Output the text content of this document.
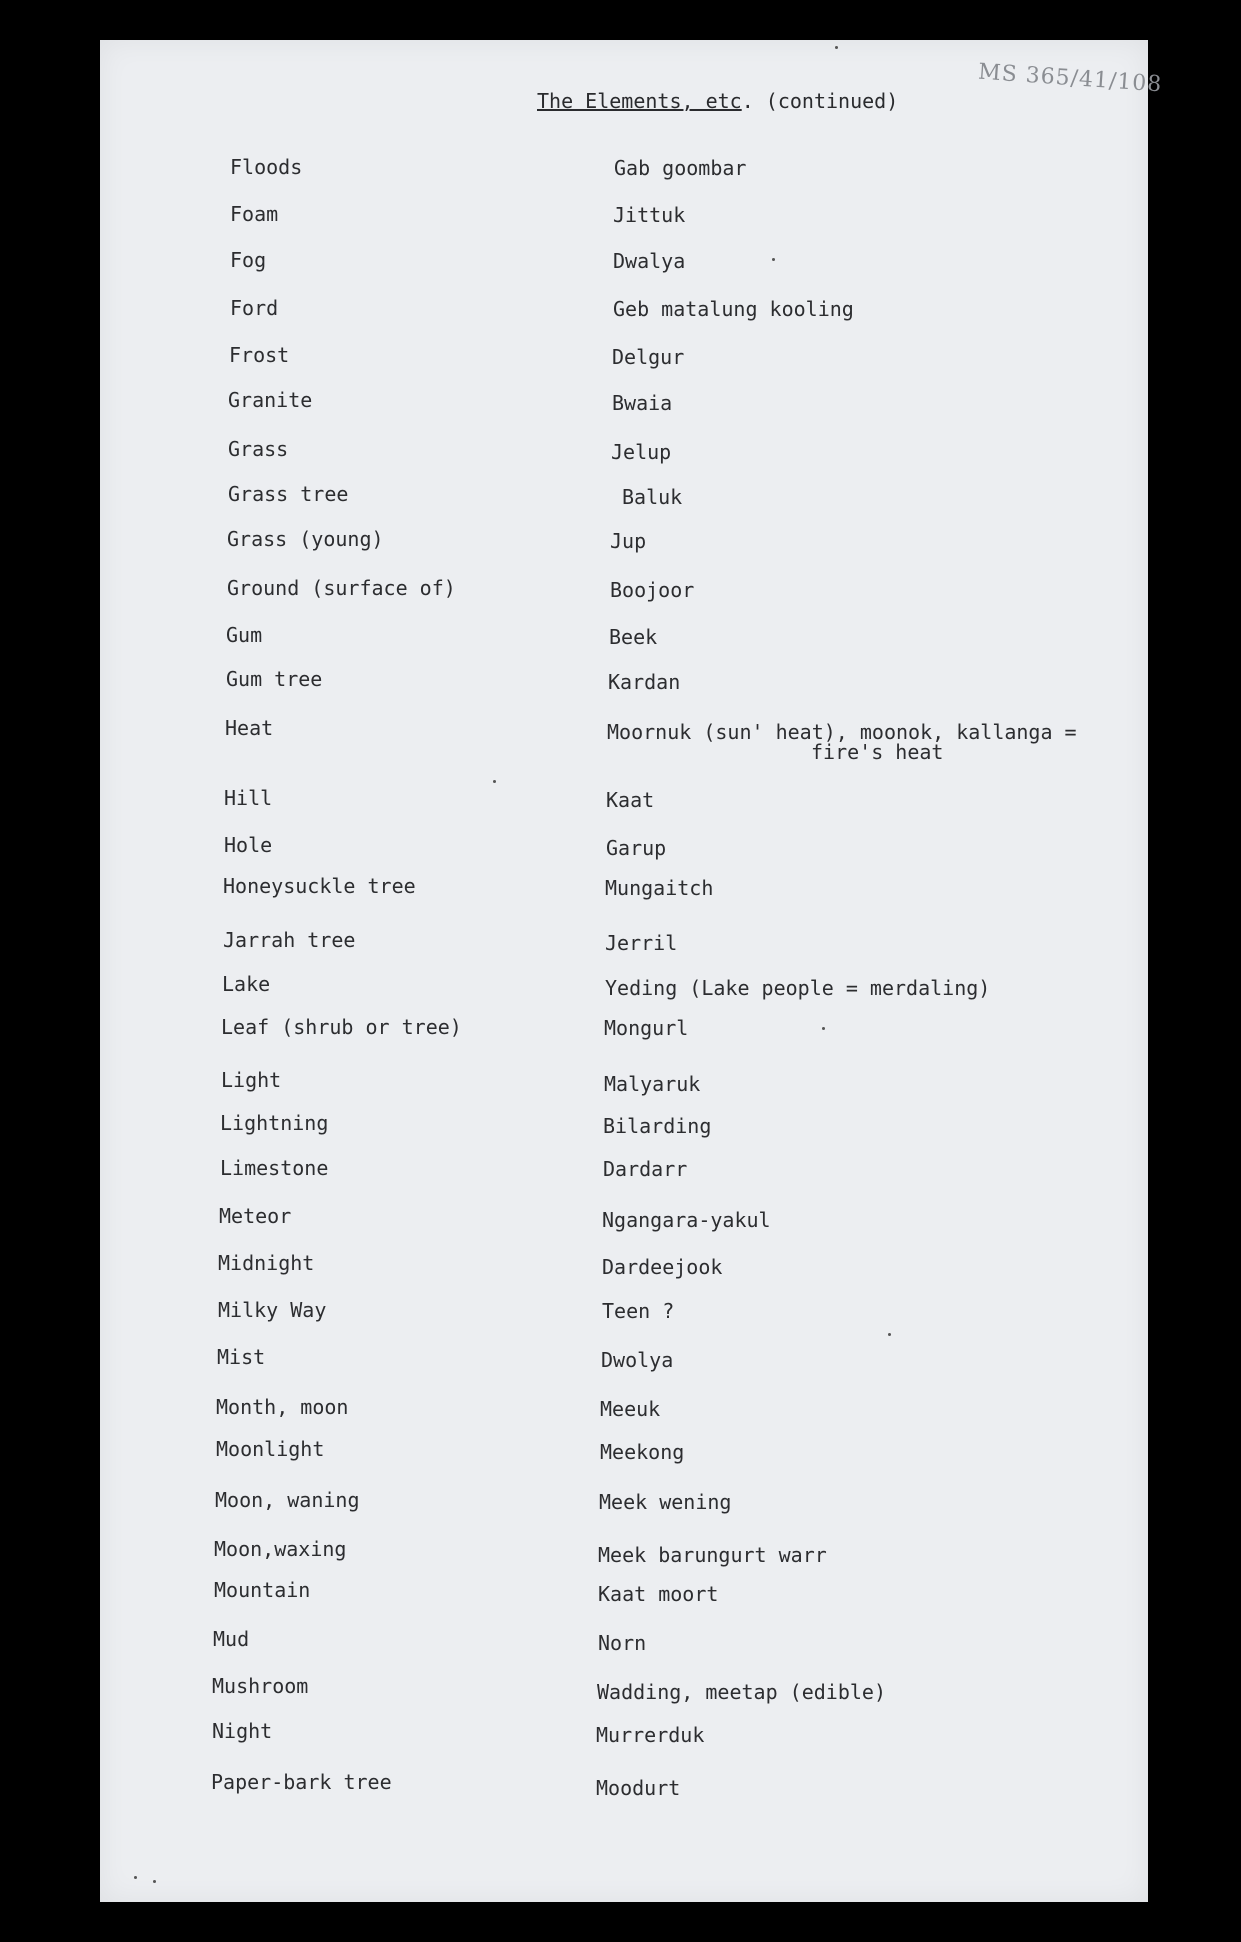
MS 365/41/108
The Elements, etc. (continued)
Floods
Foam
Fog
Ford
Frost
Granite
Grass
Grass tree
Grass (young)
Ground (surface of)
Gum
Gum tree
Heat
Hill
Hole
Honeysuckle tree
Jarrah tree
Lake
Leaf (shrub or tree)
Light
Lightning
Limestone
Meteor
Midnight
Milky Way
Mist
Month, moon
Moonlight
Moon, waning
Moon,waxing
Mountain
Mud
Mushroom
Night
Paper-bark tree
Gab goombar
Jittuk
Dwalya
Geb matalung kooling
Delgur
Bwaia
Jelup
Baluk
Jup
Boojoor
Beek
Kardan
Moornuk (sun' heat), moonok, kallanga =
fire's heat
Kaat
Garup
Mungaitch
Jerril
Yeding (Lake people = merdaling)
Mongurl
Malyaruk
Bilarding
Dardarr
Ngangara-yakul
Dardeejook
Teen ?
Dwolya
Meeuk
Meekong
Meek wening
Meek barungurt warr
Kaat moort
Norn
Wadding, meetap (edible)
Murrerduk
Moodurt
